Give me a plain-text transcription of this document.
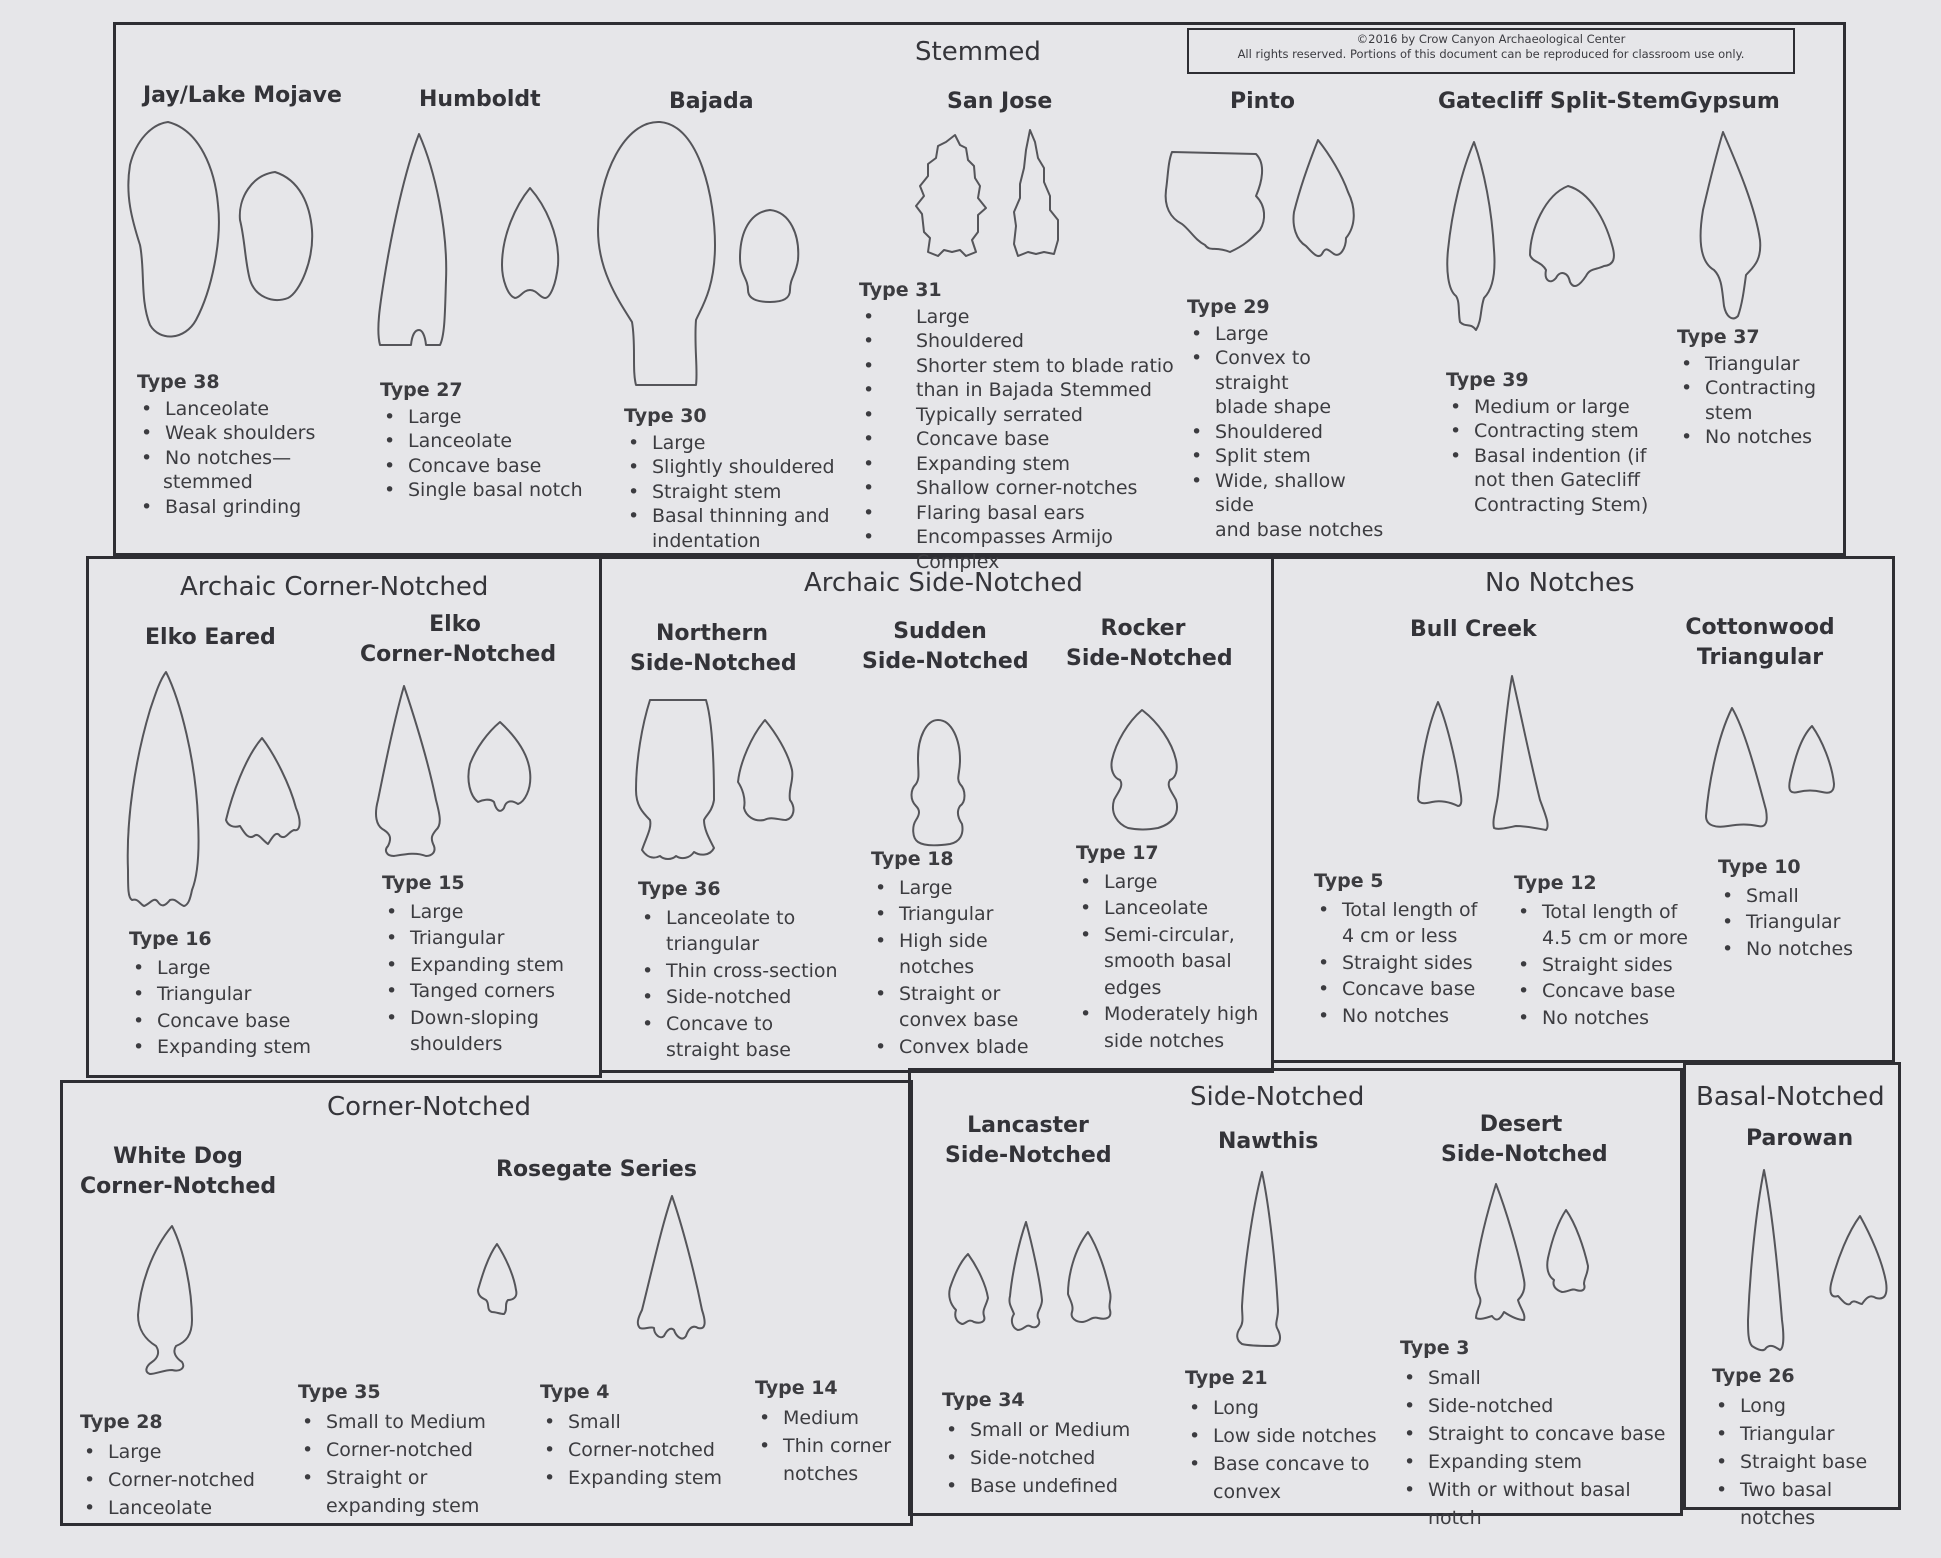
©2016 by Crow Canyon Archaeological Center
All rights reserved. Portions of this document can be reproduced for classroom use only.
Stemmed
Archaic Corner-Notched	Archaic Side-Notched	No Notches
Corner-Notched	Side-Notched	Basal-Notched
Jay/Lake Mojave	Humboldt	Bajada	San Jose	Pinto	Gatecliff Split-Stem Gypsum
Elko Eared
Elko
Corner-Notched
Northern
Side-Notched
Sudden
Side-Notched
Rocker
Side-Notched
Bull Creek	Cottonwood
Triangular
White Dog
Corner-Notched
Rosegate Series
Lancaster
Side-Notched
Nawthis
Desert
Side-Notched
Parowan
Type 38
• Lanceolate
• Weak shoulders
• No notches—
stemmed
• Basal grinding
Type 27
• Large
• Lanceolate
• Concave base
• Single basal notch
Type 30
• Large
• Slightly shouldered
• Straight stem
• Basal thinning and
indentation
Type 31
• Large
• Shouldered
• Shorter stem to blade ratio
• than in Bajada Stemmed
• Typically serrated
• Concave base
• Expanding stem
• Shallow corner-notches
• Flaring basal ears
• Encompasses Armijo Complex
Type 29
• Large
• Convex to straight
blade shape
• Shouldered
• Split stem
• Wide, shallow side
and base notches
Type 39
• Medium or large
• Contracting stem
• Basal indention (if
not then Gatecliff
Contracting Stem)
Type 37
• Triangular
• Contracting
stem
• No notches
Type 16
• Large
• Triangular
• Concave base
• Expanding stem
Type 15
• Large
• Triangular
• Expanding stem
• Tanged corners
• Down-sloping
shoulders
Type 36
• Lanceolate to
triangular
• Thin cross-section
• Side-notched
• Concave to
straight base
Type 18
• Large
• Triangular
• High side
notches
• Straight or
convex base
• Convex blade
Type 17
• Large
• Lanceolate
• Semi-circular,
smooth basal
edges
• Moderately high
side notches
Type 5
• Total length of
4 cm or less
• Straight sides
• Concave base
• No notches
Type 12
• Total length of
4.5 cm or more
• Straight sides
• Concave base
• No notches
Type 10
• Small
• Triangular
• No notches
Type 28
• Large
• Corner-notched
• Lanceolate
Type 35
• Small to Medium
• Corner-notched
• Straight or
expanding stem
Type 4
• Small
• Corner-notched
• Expanding stem
Type 14
• Medium
• Thin corner
notches
Type 34
• Small or Medium
• Side-notched
• Base undefined
Type 21
• Long
• Low side notches
• Base concave to
convex
Type 3
• Small
• Side-notched
• Straight to concave base
• Expanding stem
• With or without basal notch
Type 26
• Long
• Triangular
• Straight base
• Two basal notches
